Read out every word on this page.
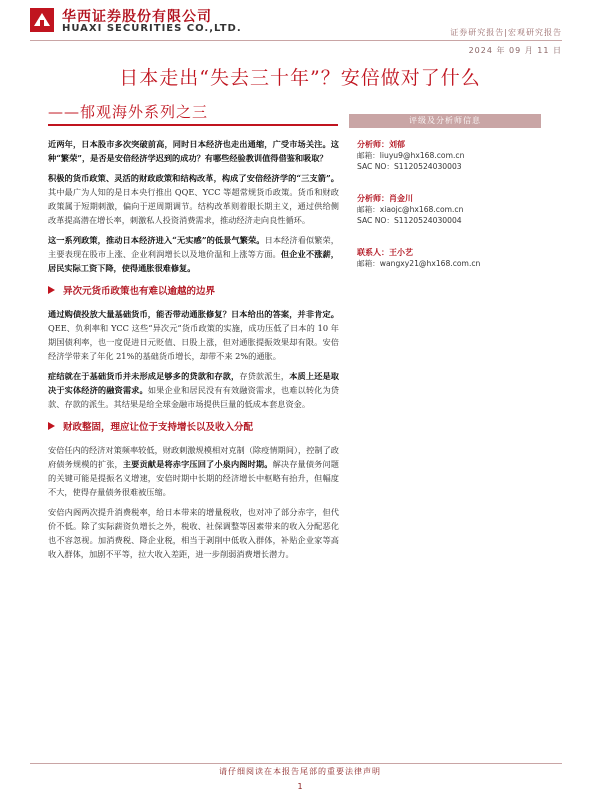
华西证券股份有限公司
HUAXI SECURITIES CO.,LTD.	证券研究报告|宏观研究报告
2024 年 09 月 11 日
日本走出“失去三十年”？安倍做对了什么
——郁观海外系列之三

近两年，日本股市多次突破前高，同时日本经济也走出通缩，广受市场关注。这种“繁荣”，是否是安倍经济学迟到的成功？有哪些经验教训值得借鉴和吸取？

积极的货币政策、灵活的财政政策和结构改革，构成了安倍经济学的“三支箭”。其中最广为人知的是日本央行推出 QQE、YCC 等超常规货币政策。货币和财政政策属于短期刺激，偏向于逆周期调节。结构改革则着眼长期主义，通过供给侧改革提高潜在增长率，刺激私人投资消费需求，推动经济走向良性循环。

这一系列政策，推动日本经济进入“无实感”的低景气繁荣。日本经济看似繁荣，主要表现在股市上涨、企业利润增长以及地价温和上涨等方面。但企业不涨薪，居民实际工资下降，使得通胀很难修复。

异次元货币政策也有难以逾越的边界

通过购债投放大量基础货币，能否带动通胀修复？日本给出的答案，并非肯定。QEE、负利率和 YCC 这些“异次元”货币政策的实施，成功压低了日本的 10 年期国债利率，也一度促进日元贬值、日股上涨，但对通胀提振效果却有限。安倍经济学带来了年化 21%的基础货币增长，却带不来 2%的通胀。

症结就在于基础货币并未形成足够多的贷款和存款，存贷款派生，本质上还是取决于实体经济的融资需求。如果企业和居民没有有效融资需求，也难以转化为贷款、存款的派生。其结果是给全球金融市场提供巨量的低成本套息资金。

财政整固，理应让位于支持增长以及收入分配

安倍任内的经济对策频率较低，财政刺激规模相对克制（除疫情期间），控制了政府债务规模的扩张，主要贡献是将赤字压回了小泉内阁时期。解决存量债务问题的关键可能是提振名义增速，安倍时期中长期的经济增长中枢略有抬升，但幅度不大，使得存量债务很难被压缩。

安倍内阁两次提升消费税率，给日本带来的增量税收，也对冲了部分赤字，但代价不低。除了实际薪资负增长之外，税收、社保调整等因素带来的收入分配恶化也不容忽视。加消费税、降企业税，相当于剥削中低收入群体，补贴企业家等高收入群体，加剧不平等，拉大收入差距，进一步削弱消费增长潜力。

评级及分析师信息
分析师：刘郁
邮箱：liuyu9@hx168.com.cn
SAC NO：S1120524030003
分析师：肖金川
邮箱：xiaojc@hx168.com.cn
SAC NO：S1120524030004
联系人：王小艺
邮箱：wangxy21@hx168.com.cn
请仔细阅读在本报告尾部的重要法律声明
1
